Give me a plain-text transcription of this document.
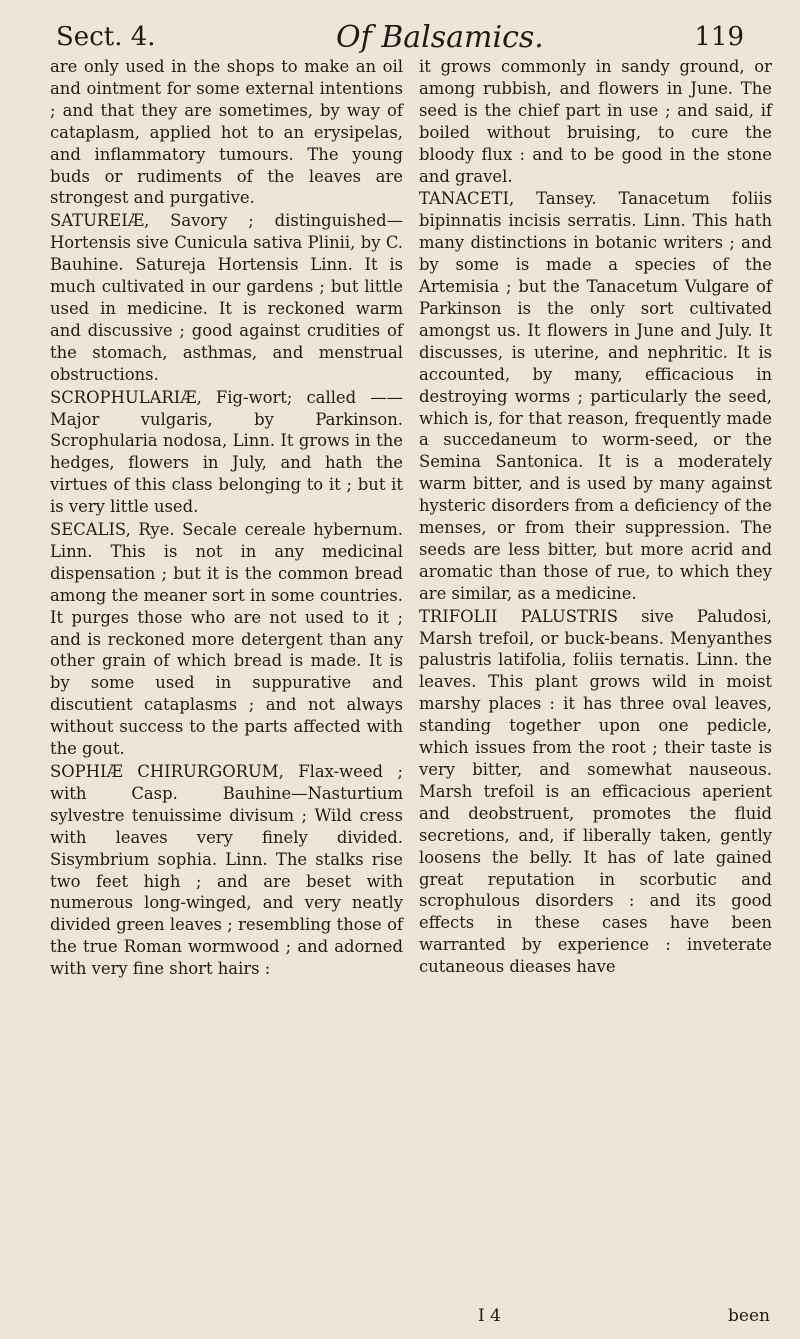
Sect. 4.	Of Balsamics.	119

are only used in the shops to make an oil and ointment for some external intentions ; and that they are sometimes, by way of cataplasm, applied hot to an erysipelas, and inflammatory tumours. The young buds or rudiments of the leaves are strongest and purgative.

SATUREIÆ, Savory ; distinguished—Hortensis sive Cunicula sativa Plinii, by C. Bauhine. Satureja Hortensis Linn. It is much cultivated in our gardens ; but little used in medicine. It is reckoned warm and discussive ; good against crudities of the stomach, asthmas, and menstrual obstructions.

SCROPHULARIÆ, Fig-wort; called —— Major vulgaris, by Parkinson. Scrophularia nodosa, Linn. It grows in the hedges, flowers in July, and hath the virtues of this class belonging to it ; but it is very little used.

SECALIS, Rye. Secale cereale hybernum. Linn. This is not in any medicinal dispensation ; but it is the common bread among the meaner sort in some countries. It purges those who are not used to it ; and is reckoned more detergent than any other grain of which bread is made. It is by some used in suppurative and discutient cataplasms ; and not always without success to the parts affected with the gout.

SOPHIÆ CHIRURGORUM, Flax-weed ; with Casp. Bauhine—Nasturtium sylvestre tenuissime divisum ; Wild cress with leaves very finely divided. Sisymbrium sophia. Linn. The stalks rise two feet high ; and are beset with numerous long-winged, and very neatly divided green leaves ; resembling those of the true Roman wormwood ; and adorned with very fine short hairs :

it grows commonly in sandy ground, or among rubbish, and flowers in June. The seed is the chief part in use ; and said, if boiled without bruising, to cure the bloody flux : and to be good in the stone and gravel.

TANACETI, Tansey. Tanacetum foliis bipinnatis incisis serratis. Linn. This hath many distinctions in botanic writers ; and by some is made a species of the Artemisia ; but the Tanacetum Vulgare of Parkinson is the only sort cultivated amongst us. It flowers in June and July. It discusses, is uterine, and nephritic. It is accounted, by many, efficacious in destroying worms ; particularly the seed, which is, for that reason, frequently made a succedaneum to worm-seed, or the Semina Santonica. It is a moderately warm bitter, and is used by many against hysteric disorders from a deficiency of the menses, or from their suppression. The seeds are less bitter, but more acrid and aromatic than those of rue, to which they are similar, as a medicine.

TRIFOLII PALUSTRIS sive Paludosi, Marsh trefoil, or buck-beans. Menyanthes palustris latifolia, foliis ternatis. Linn. the leaves. This plant grows wild in moist marshy places : it has three oval leaves, standing together upon one pedicle, which issues from the root ; their taste is very bitter, and somewhat nauseous. Marsh trefoil is an efficacious aperient and deobstruent, promotes the fluid secretions, and, if liberally taken, gently loosens the belly. It has of late gained great reputation in scorbutic and scrophulous disorders : and its good effects in these cases have been warranted by experience : inveterate cutaneous dieases have

I 4	been
